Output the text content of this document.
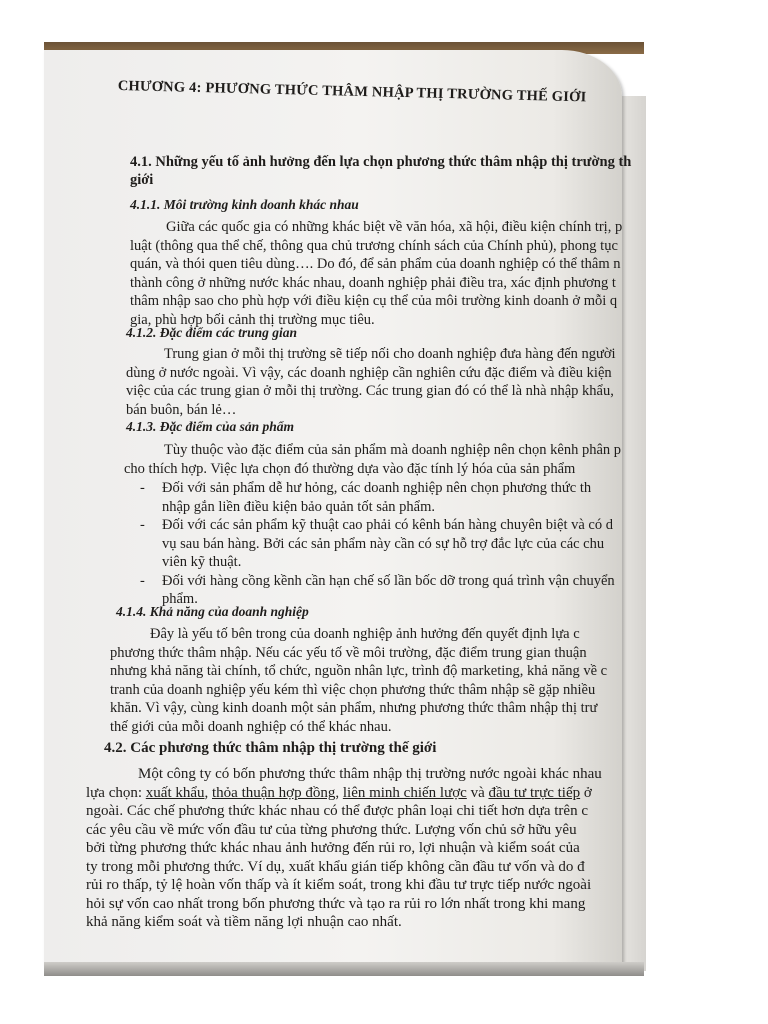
CHƯƠNG 4: PHƯƠNG THỨC THÂM NHẬP THỊ TRƯỜNG THẾ GIỚI
4.1. Những yếu tố ảnh hưởng đến lựa chọn phương thức thâm nhập thị trường th
giới
4.1.1. Môi trường kinh doanh khác nhau
Giữa các quốc gia có những khác biệt về văn hóa, xã hội, điều kiện chính trị, p
luật (thông qua thể chế, thông qua chủ trương chính sách của Chính phủ), phong tục
quán, và thói quen tiêu dùng…. Do đó, để sản phẩm của doanh nghiệp có thể thâm n
thành công ở những nước khác nhau, doanh nghiệp phải điều tra, xác định phương t
thâm nhập sao cho phù hợp với điều kiện cụ thể của môi trường kinh doanh ở mỗi q
gia, phù hợp bối cảnh thị trường mục tiêu.
4.1.2. Đặc điểm các trung gian
Trung gian ở mỗi thị trường sẽ tiếp nối cho doanh nghiệp đưa hàng đến người
dùng ở nước ngoài. Vì vậy, các doanh nghiệp cần nghiên cứu đặc điểm và điều kiện
việc của các trung gian ở mỗi thị trường. Các trung gian đó có thể là nhà nhập khẩu,
bán buôn, bán lẻ…
4.1.3. Đặc điểm của sản phẩm
Tùy thuộc vào đặc điểm của sản phẩm mà doanh nghiệp nên chọn kênh phân p
cho thích hợp. Việc lựa chọn đó thường dựa vào đặc tính lý hóa của sản phẩm
- Đối với sản phẩm dễ hư hỏng, các doanh nghiệp nên chọn phương thức th
nhập gắn liền điều kiện bảo quản tốt sản phẩm.
- Đối với các sản phẩm kỹ thuật cao phải có kênh bán hàng chuyên biệt và có d
vụ sau bán hàng. Bởi các sản phẩm này cần có sự hỗ trợ đắc lực của các chu
viên kỹ thuật.
- Đối với hàng cồng kềnh cần hạn chế số lần bốc dỡ trong quá trình vận chuyển
phẩm.
4.1.4. Khả năng của doanh nghiệp
Đây là yếu tố bên trong của doanh nghiệp ảnh hưởng đến quyết định lựa c
phương thức thâm nhập. Nếu các yếu tố về môi trường, đặc điểm trung gian thuận
nhưng khả năng tài chính, tổ chức, nguồn nhân lực, trình độ marketing, khả năng về c
tranh của doanh nghiệp yếu kém thì việc chọn phương thức thâm nhập sẽ gặp nhiều
khăn. Vì vậy, cùng kinh doanh một sản phẩm, nhưng phương thức thâm nhập thị trư
thế giới của mỗi doanh nghiệp có thể khác nhau.
4.2. Các phương thức thâm nhập thị trường thế giới
Một công ty có bốn phương thức thâm nhập thị trường nước ngoài khác nhau
lựa chọn: xuất khẩu, thỏa thuận hợp đồng, liên minh chiến lược và đầu tư trực tiếp ở
ngoài. Các chế phương thức khác nhau có thể được phân loại chi tiết hơn dựa trên c
các yêu cầu về mức vốn đầu tư của từng phương thức. Lượng vốn chủ sở hữu yêu
bởi từng phương thức khác nhau ảnh hưởng đến rủi ro, lợi nhuận và kiểm soát của
ty trong mỗi phương thức. Ví dụ, xuất khẩu gián tiếp không cần đầu tư vốn và do đ
rủi ro thấp, tỷ lệ hoàn vốn thấp và ít kiểm soát, trong khi đầu tư trực tiếp nước ngoài
hỏi sự vốn cao nhất trong bốn phương thức và tạo ra rủi ro lớn nhất trong khi mang
khả năng kiểm soát và tiềm năng lợi nhuận cao nhất.
